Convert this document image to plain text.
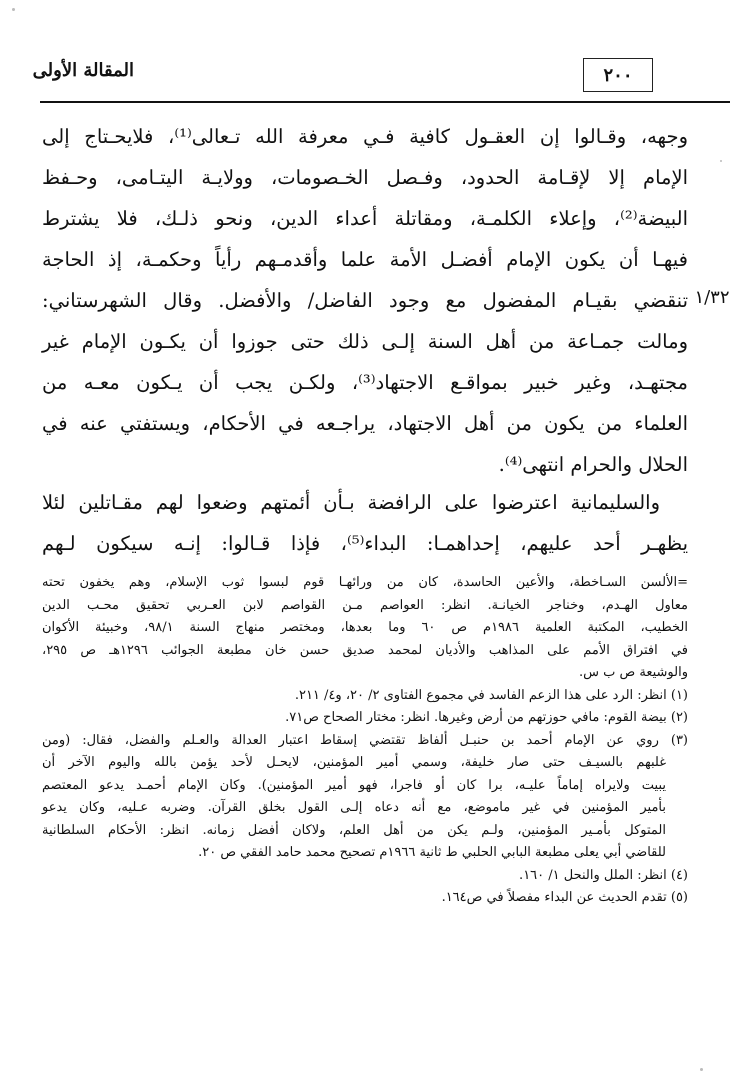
٢٠٠
المقالة الأولى
١/٣٢
وجهه، وقـالوا إن العقـول كافية فـي معرفة الله تـعالى⁽¹⁾، فلايحـتاج إلى
الإمام إلا لإقـامة الحدود، وفـصل الخـصومات، وولايـة اليتـامى، وحـفظ
البيضة⁽²⁾، وإعلاء الكلمـة، ومقاتلة أعداء الدين، ونحو ذلـك، فلا يشترط
فيهـا أن يكون الإمام أفضـل الأمة علما وأقدمـهم رأياً وحكمـة، إذ الحاجة
تنقضي بقيـام المفضول مع وجود الفاضل/ والأفضل. وقال الشهرستاني:
ومالت جمـاعة من أهل السنة إلـى ذلك حتى جوزوا أن يكـون الإمام غير
مجتهـد، وغير خبير بمواقـع الاجتهاد⁽³⁾، ولكـن يجب أن يـكون معـه من
العلماء من يكون من أهل الاجتهاد، يراجـعه في الأحكام، ويستفتي عنه في
الحلال والحرام انتهى⁽⁴⁾.
والسليمانية اعترضوا على الرافضة بـأن أئمتهم وضعوا لهم مقـاتلين لئلا
يظهـر أحد عليهم، إحداهمـا: البداء⁽⁵⁾، فإذا قـالوا: إنـه سيكون لـهم
=الألسن السـاخطة، والأعين الحاسدة، كان من ورائهـا قوم لبسوا ثوب الإسلام، وهم يخفون تحته
معاول الهـدم، وخناجر الخيانـة. انظر: العواصم مـن القواصم لابن العـربي تحقيق محـب الدين
الخطيب، المكتبة العلمية ١٩٨٦م ص ٦٠ وما بعدها، ومختصر منهاج السنة ٩٨/١، وخبيئة الأكوان
في افتراق الأمم على المذاهب والأديان لمحمد صديق حسن خان مطبعة الجوائب ١٢٩٦هـ ص ٢٩٥،
والوشيعة ص ب س.
(١) انظر: الرد على هذا الزعم الفاسد في مجموع الفتاوى ٢/ ٢٠، و٤/ ٢١١.
(٢) بيضة القوم: مافي حوزتهم من أرض وغيرها. انظر: مختار الصحاح ص٧١.
(٣) روي عن الإمام أحمد بن حنبـل ألفاظ تقتضي إسقاط اعتبار العدالة والعـلم والفضل، فقال: (ومن
غلبهم بالسيـف حتى صار خليفة، وسمي أمير المؤمنين، لايحـل لأحد يؤمن بالله واليوم الآخر أن
يبيت ولايراه إماماً عليـه، برا كان أو فاجرا، فهو أمير المؤمنين). وكان الإمام أحمـد يدعو المعتصم
بأمير المؤمنين في غير ماموضع، مع أنه دعاه إلـى القول بخلق القرآن. وضربه عـليه، وكان يدعو
المتوكل بأمـير المؤمنين، ولـم يكن من أهل العلم، ولاكان أفضل زمانه. انظر: الأحكام السلطانية
للقاضي أبي يعلى مطبعة البابي الحلبي ط ثانية ١٩٦٦م تصحيح محمد حامد الفقي ص ٢٠.
(٤) انظر: الملل والنحل ١/ ١٦٠.
(٥) تقدم الحديث عن البداء مفصلاً في ص١٦٤.
